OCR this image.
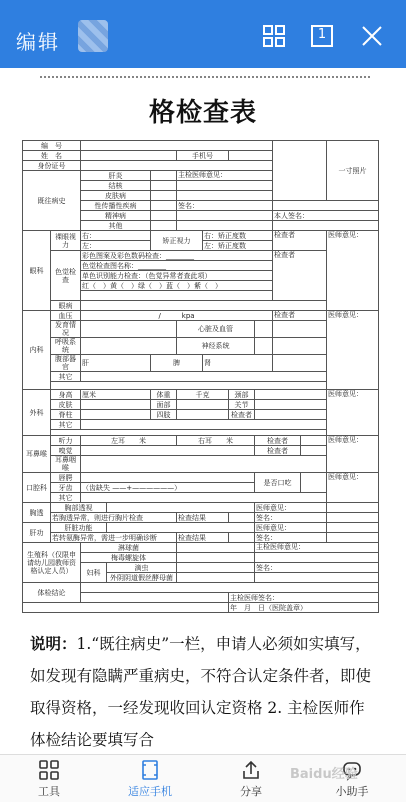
编辑	1
格检查表
编　号											一寸照片
姓　名					手机号						
身份证号											
既往病史		肝炎			主检医师意见：						
		结核									
		皮肤病									
		性传播性疾病			签名：						
		精神病							本人签名：		
		其他									
眼科	裸眼视力	右：		矫正视力		右：矫正度数			检查者		医师意见：
		左：				左：矫正度数					
	色觉检查	彩色图案及彩色数码检查：________							检查者		
		色觉检查图名称：________									
		单色识别能力检查：（色觉异常者查此项）									
		红（　）黄（　）绿（　）蓝（　）紫（　）									

	眼病										
内科	血压	/　　　kpa							检查者		医师意见：
	发育情况				心脏及血管						
	呼吸系统				神经系统						
	腹部器官	肝		脾		肾					
	其它										

外科	身高	厘米		体重	千克		颈部				医师意见：
	皮肤			面部			关节				
	脊柱			四肢			检查者				
	其它										

耳鼻喉	听力	左耳　　米			右耳　　米			检查者			医师意见：
	嗅觉							检查者			
	耳鼻咽喉										
口腔科	唇腭							是否口吃			医师意见：
	牙齿	（齿缺失 ——+——————）									
	其它										
胸透	胸部透视							医师意见：			
	若胸透异常，则进行胸片检查				检查结果			签名：			
肝功	肝脏功能							医师意见：			
	若转氨酶异常，需进一步明确诊断				检查结果			签名：			
生殖科（仅限申请幼儿园教师资格认定人员）		淋球菌						主检医师意见：			
		梅毒螺旋体									
		妇科	滴虫					签名：			
			外阴阴道假丝酵母菌								
体检结论											
							主检医师签名：				
							年　月　日（医院盖章）				
说明：1.“既往病史”一栏，申请人必须如实填写，如发现有隐瞒严重病史，不符合认定条件者，即使取得资格，一经发现收回认定资格 2. 主检医师作体检结论要填写合
工具	适应手机	分享	小助手
Baidu经验
